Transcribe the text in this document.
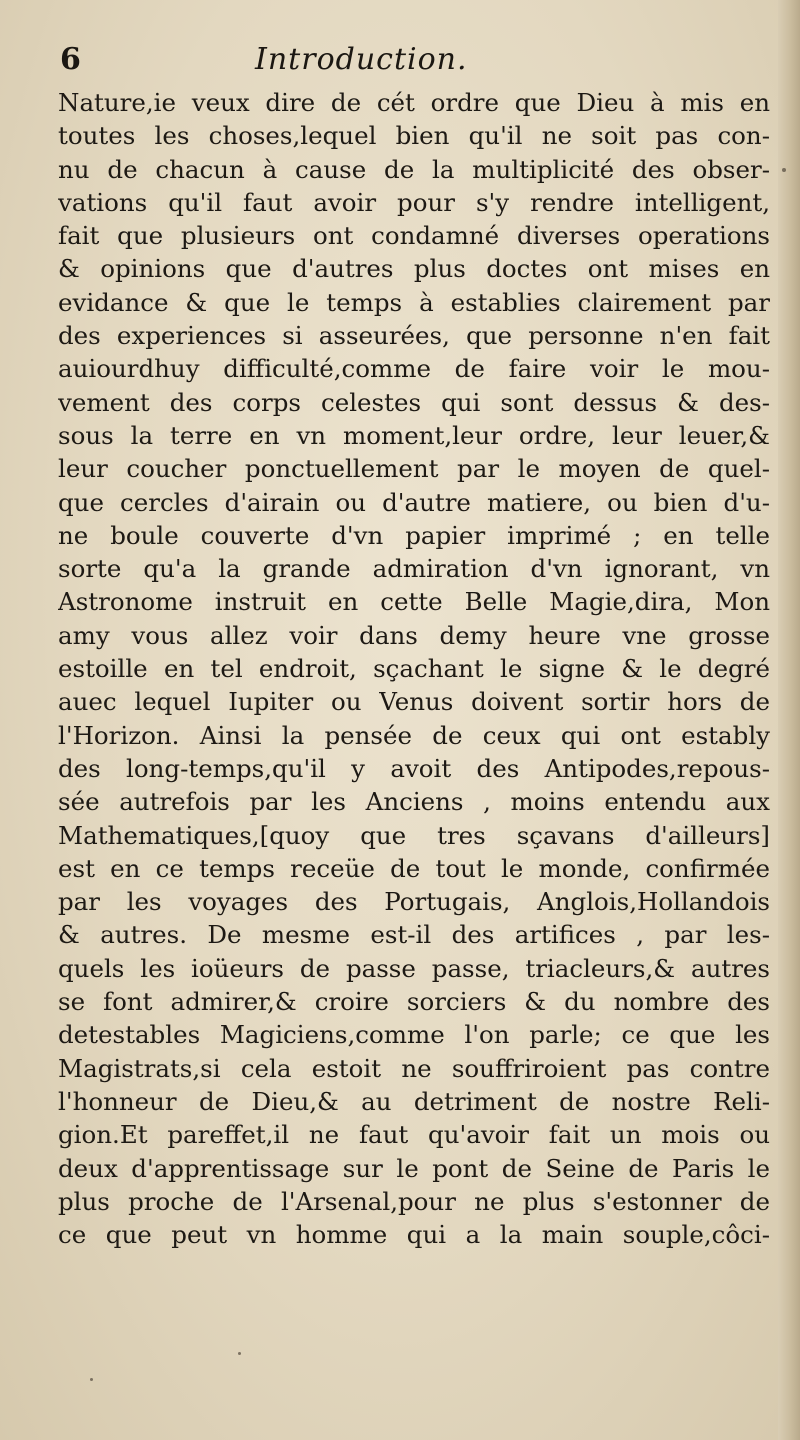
6	Introduction.
Nature,ie veux dire de cét ordre que Dieu à mis en
toutes les choses,lequel bien qu'il ne soit pas con-
nu de chacun à cause de la multiplicité des obser-
vations qu'il faut avoir pour s'y rendre intelligent,
fait que plusieurs ont condamné diverses operations
& opinions que d'autres plus doctes ont mises en
evidance & que le temps à establies clairement par
des experiences si asseurées, que personne n'en fait
auiourdhuy difficulté,comme de faire voir le mou-
vement des corps celestes qui sont dessus & des-
sous la terre en vn moment,leur ordre, leur leuer,&
leur coucher ponctuellement par le moyen de quel-
que cercles d'airain ou d'autre matiere, ou bien d'u-
ne boule couverte d'vn papier imprimé ; en telle
sorte qu'a la grande admiration d'vn ignorant, vn
Astronome instruit en cette Belle Magie,dira, Mon
amy vous allez voir dans demy heure vne grosse
estoille en tel endroit, sçachant le signe & le degré
auec lequel Iupiter ou Venus doivent sortir hors de
l'Horizon. Ainsi la pensée de ceux qui ont estably
des long-temps,qu'il y avoit des Antipodes,repous-
sée autrefois par les Anciens , moins entendu aux
Mathematiques,[quoy que tres sçavans d'ailleurs]
est en ce temps receüe de tout le monde, confirmée
par les voyages des Portugais, Anglois,Hollandois
& autres. De mesme est-il des artifices , par les-
quels les ioüeurs de passe passe, triacleurs,& autres
se font admirer,& croire sorciers & du nombre des
detestables Magiciens,comme l'on parle; ce que les
Magistrats,si cela estoit ne souffriroient pas contre
l'honneur de Dieu,& au detriment de nostre Reli-
gion.Et pareffet,il ne faut qu'avoir fait un mois ou
deux d'apprentissage sur le pont de Seine de Paris le
plus proche de l'Arsenal,pour ne plus s'estonner de
ce que peut vn homme qui a la main souple,côci-
